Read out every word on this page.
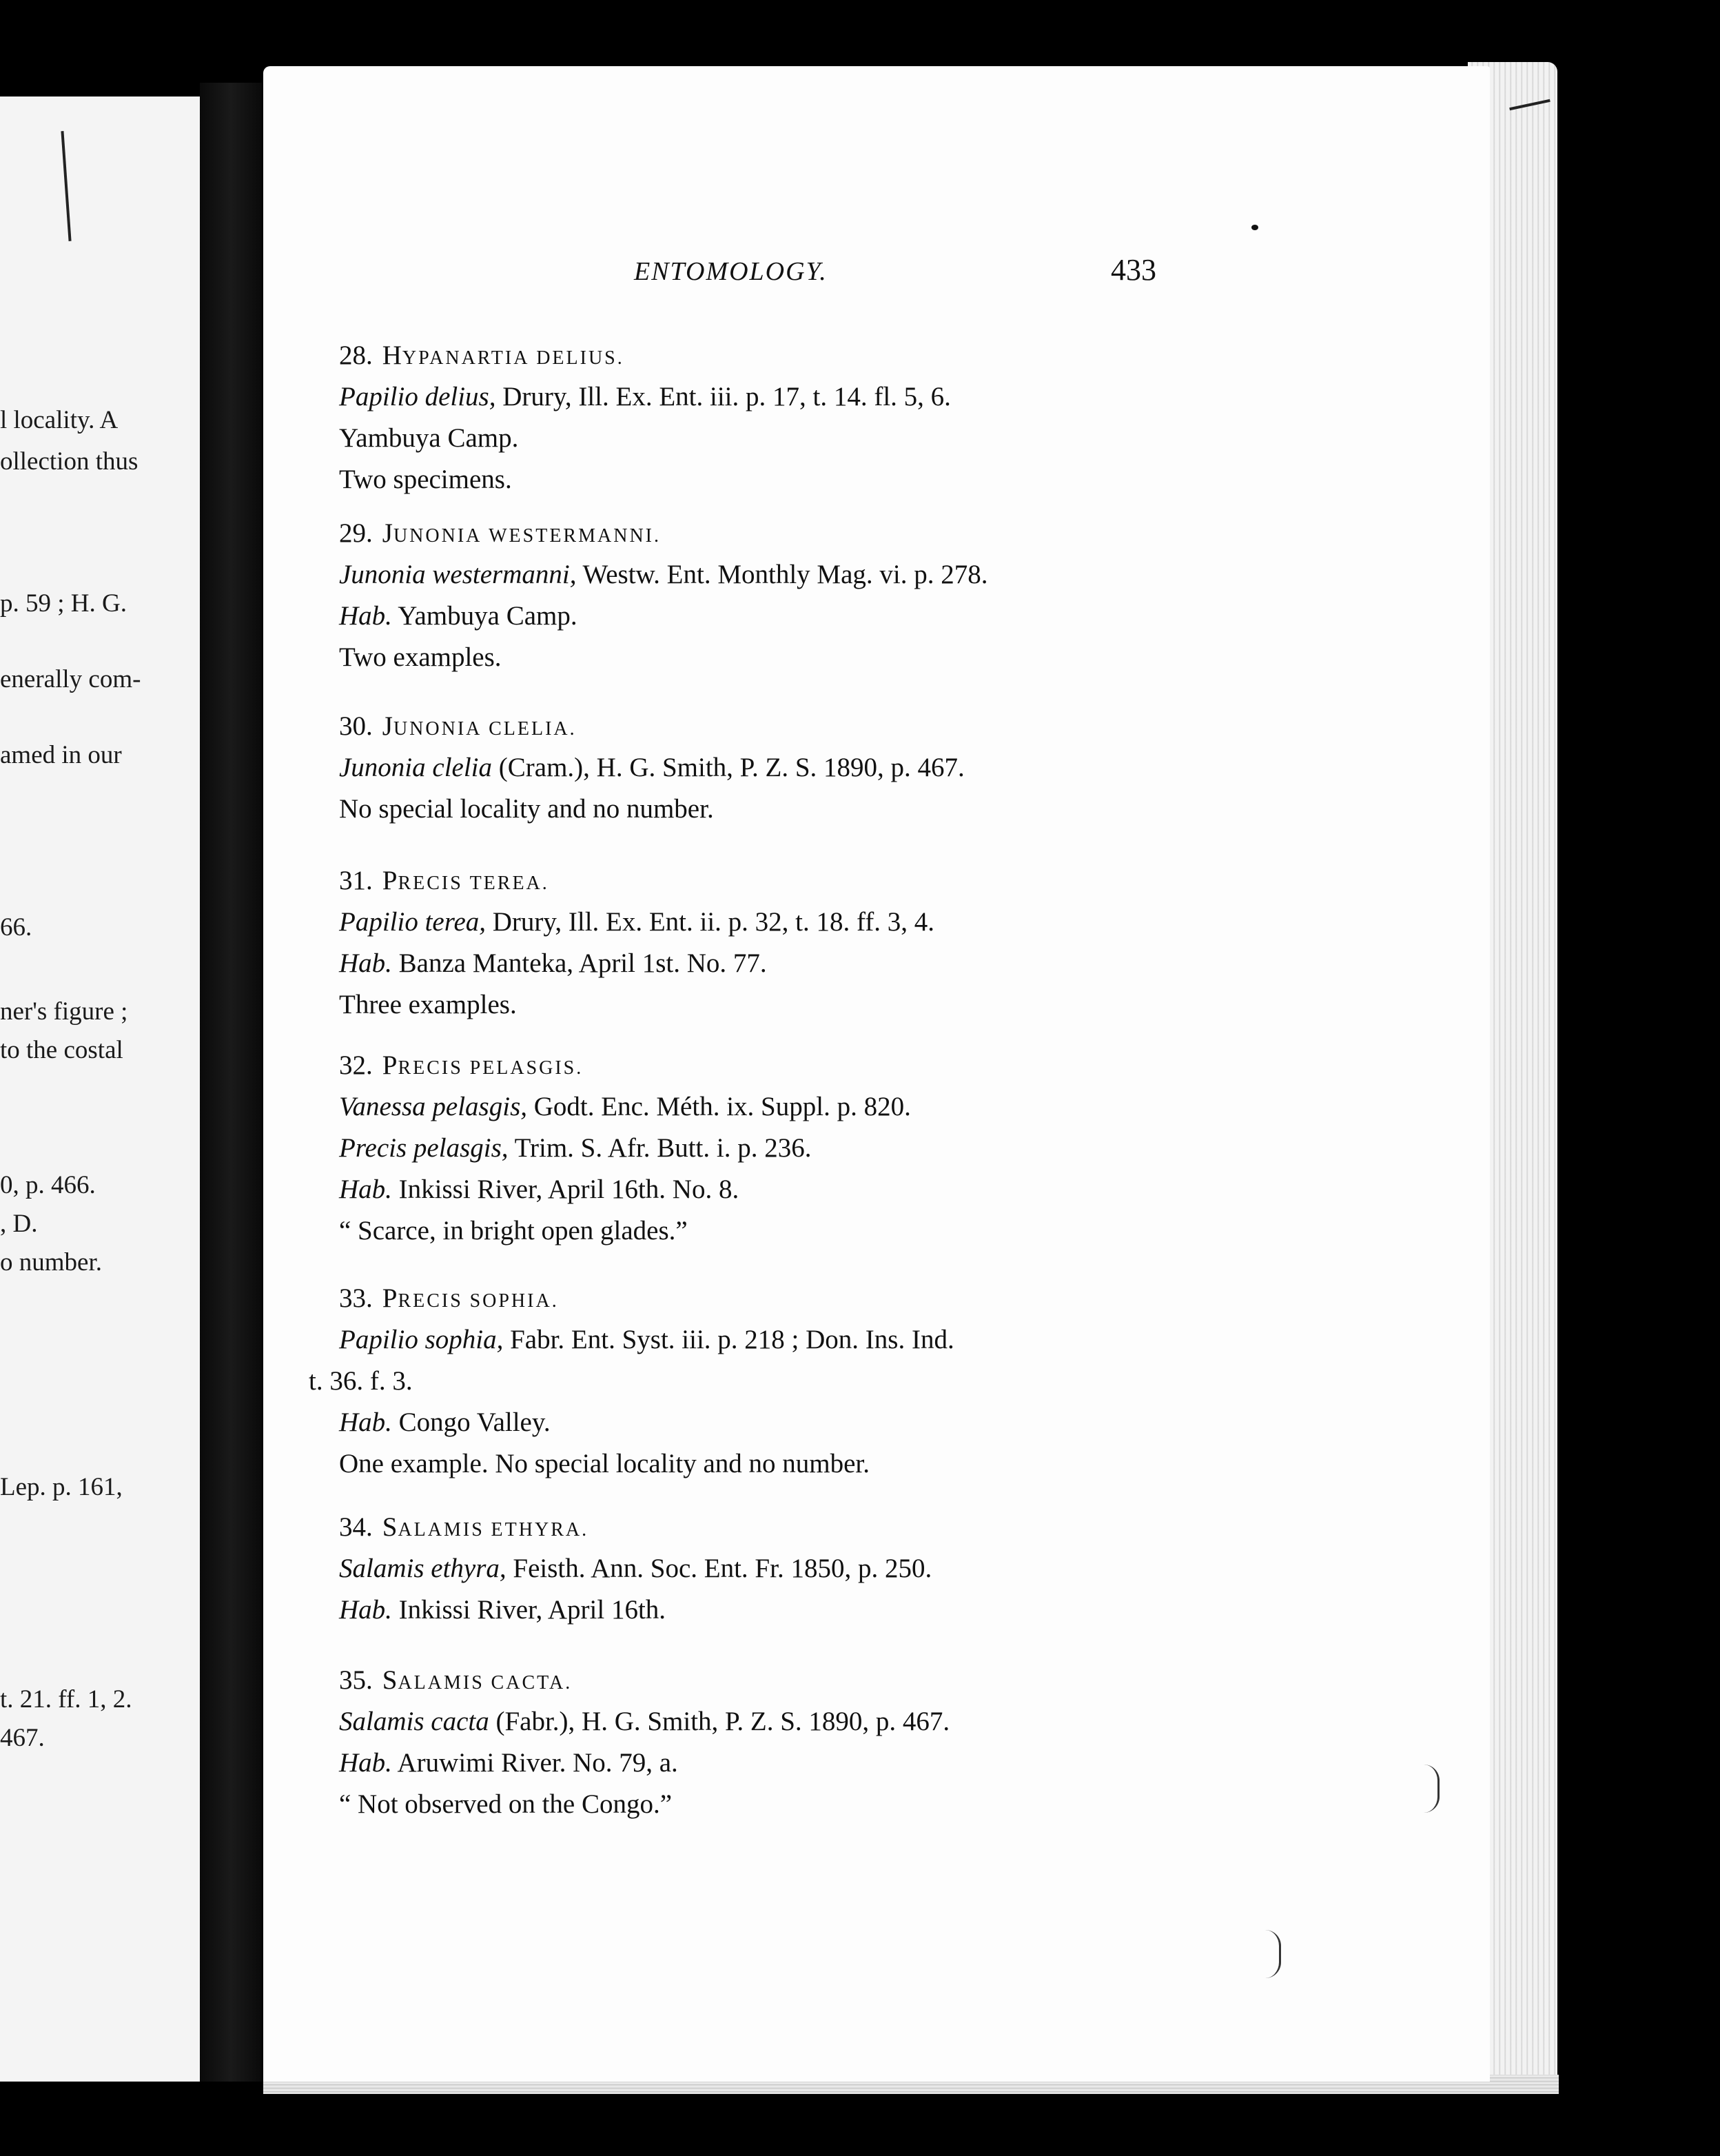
l locality. A
ollection thus
p. 59 ; H. G.
enerally com-
amed in our
66.
ner's figure ;
to the costal
0, p. 466.
, D.
o number.
Lep. p. 161,
t. 21. ff. 1, 2.
467.
ENTOMOLOGY.	433
28. HYPANARTIA DELIUS.
Papilio delius, Drury, Ill. Ex. Ent. iii. p. 17, t. 14. fl. 5, 6.
Yambuya Camp.
Two specimens.
29. JUNONIA WESTERMANNI.
Junonia westermanni, Westw. Ent. Monthly Mag. vi. p. 278.
Hab. Yambuya Camp.
Two examples.
30. JUNONIA CLELIA.
Junonia clelia (Cram.), H. G. Smith, P. Z. S. 1890, p. 467.
No special locality and no number.
31. PRECIS TEREA.
Papilio terea, Drury, Ill. Ex. Ent. ii. p. 32, t. 18. ff. 3, 4.
Hab. Banza Manteka, April 1st. No. 77.
Three examples.
32. PRECIS PELASGIS.
Vanessa pelasgis, Godt. Enc. Méth. ix. Suppl. p. 820.
Precis pelasgis, Trim. S. Afr. Butt. i. p. 236.
Hab. Inkissi River, April 16th. No. 8.
“ Scarce, in bright open glades.”
33. PRECIS SOPHIA.
Papilio sophia, Fabr. Ent. Syst. iii. p. 218 ; Don. Ins. Ind.
t. 36. f. 3.
Hab. Congo Valley.
One example. No special locality and no number.
34. SALAMIS ETHYRA.
Salamis ethyra, Feisth. Ann. Soc. Ent. Fr. 1850, p. 250.
Hab. Inkissi River, April 16th.
35. SALAMIS CACTA.
Salamis cacta (Fabr.), H. G. Smith, P. Z. S. 1890, p. 467.
Hab. Aruwimi River. No. 79, a.
“ Not observed on the Congo.”
